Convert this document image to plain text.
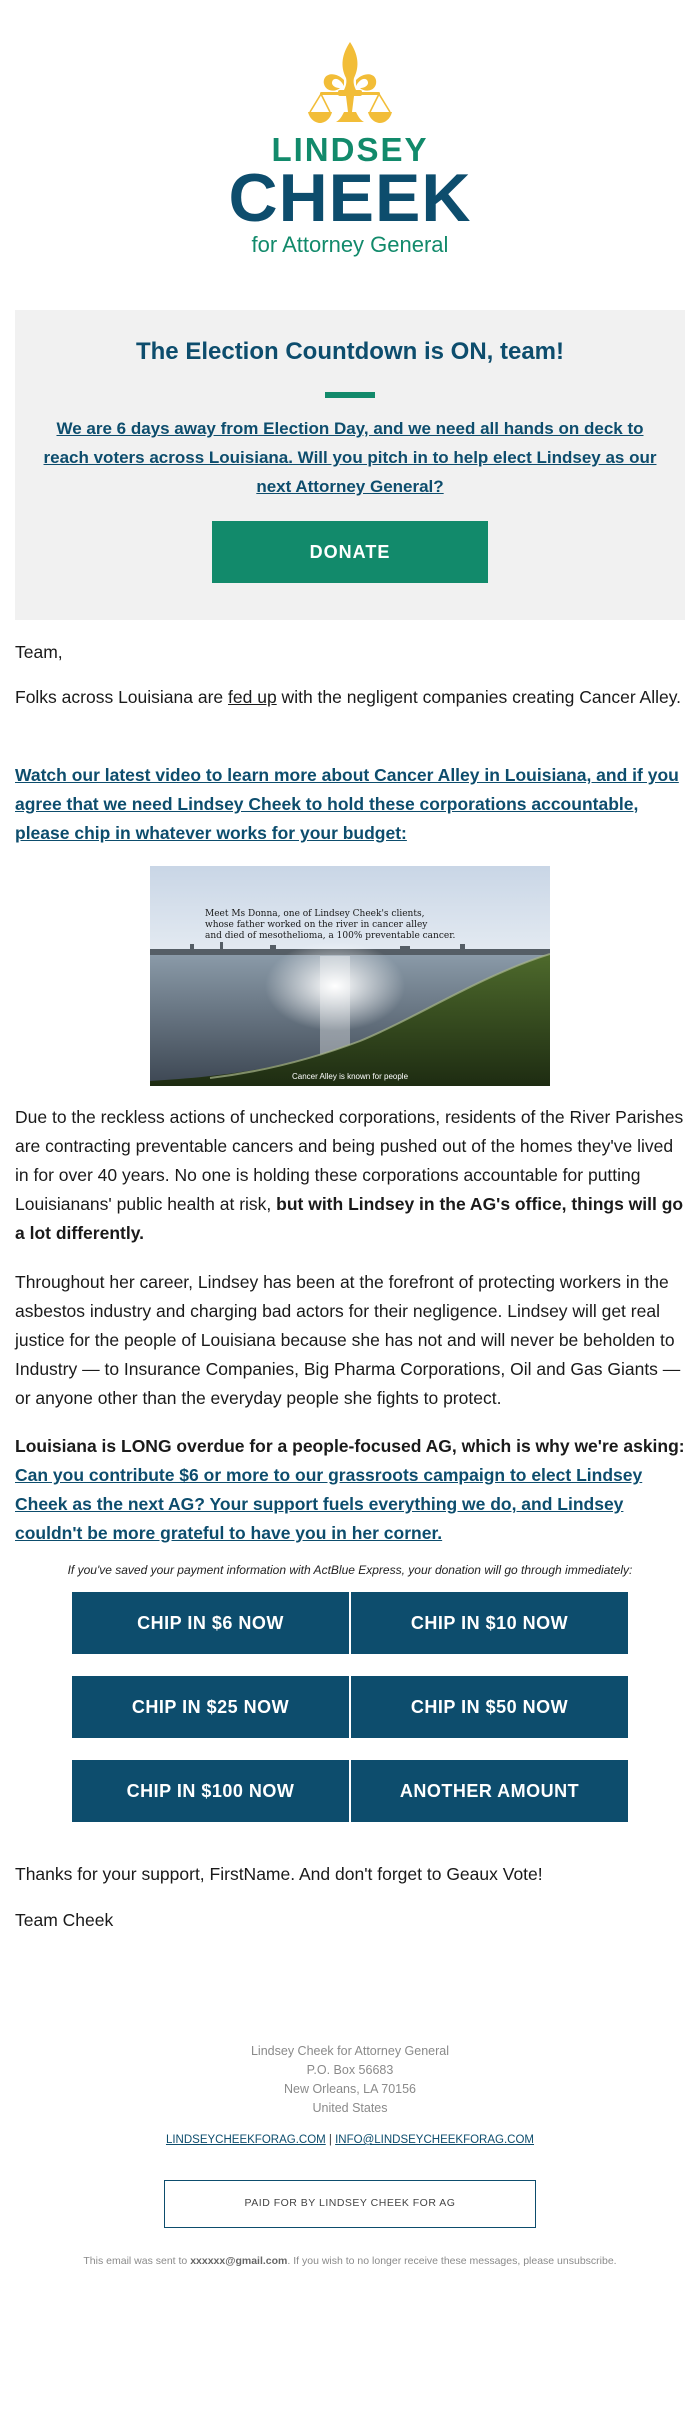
LINDSEY
CHEEK
for Attorney General
The Election Countdown is ON, team!
We are 6 days away from Election Day, and we need all hands on deck to reach voters across Louisiana. Will you pitch in to help elect Lindsey as our next Attorney General?
DONATE

Team,

Folks across Louisiana are fed up with the negligent companies creating Cancer Alley.

Watch our latest video to learn more about Cancer Alley in Louisiana, and if you agree that we need Lindsey Cheek to hold these corporations accountable, please chip in whatever works for your budget:

Meet Ms Donna, one of Lindsey Cheek's clients,
whose father worked on the river in cancer alley
and died of mesothelioma, a 100% preventable cancer.
Cancer Alley is known for people

Due to the reckless actions of unchecked corporations, residents of the River Parishes are contracting preventable cancers and being pushed out of the homes they've lived in for over 40 years. No one is holding these corporations accountable for putting Louisianans' public health at risk, but with Lindsey in the AG's office, things will go a lot differently.

Throughout her career, Lindsey has been at the forefront of protecting workers in the asbestos industry and charging bad actors for their negligence. Lindsey will get real justice for the people of Louisiana because she has not and will never be beholden to Industry — to Insurance Companies, Big Pharma Corporations, Oil and Gas Giants — or anyone other than the everyday people she fights to protect.

Louisiana is LONG overdue for a people-focused AG, which is why we're asking: Can you contribute $6 or more to our grassroots campaign to elect Lindsey Cheek as the next AG? Your support fuels everything we do, and Lindsey couldn't be more grateful to have you in her corner.

If you've saved your payment information with ActBlue Express, your donation will go through immediately:

CHIP IN $6 NOW	CHIP IN $10 NOW
CHIP IN $25 NOW	CHIP IN $50 NOW
CHIP IN $100 NOW	ANOTHER AMOUNT

Thanks for your support, FirstName. And don't forget to Geaux Vote!

Team Cheek

Lindsey Cheek for Attorney General
P.O. Box 56683
New Orleans, LA 70156
United States
LINDSEYCHEEKFORAG.COM | INFO@LINDSEYCHEEKFORAG.COM
PAID FOR BY LINDSEY CHEEK FOR AG

This email was sent to xxxxxx@gmail.com. If you wish to no longer receive these messages, please unsubscribe.
